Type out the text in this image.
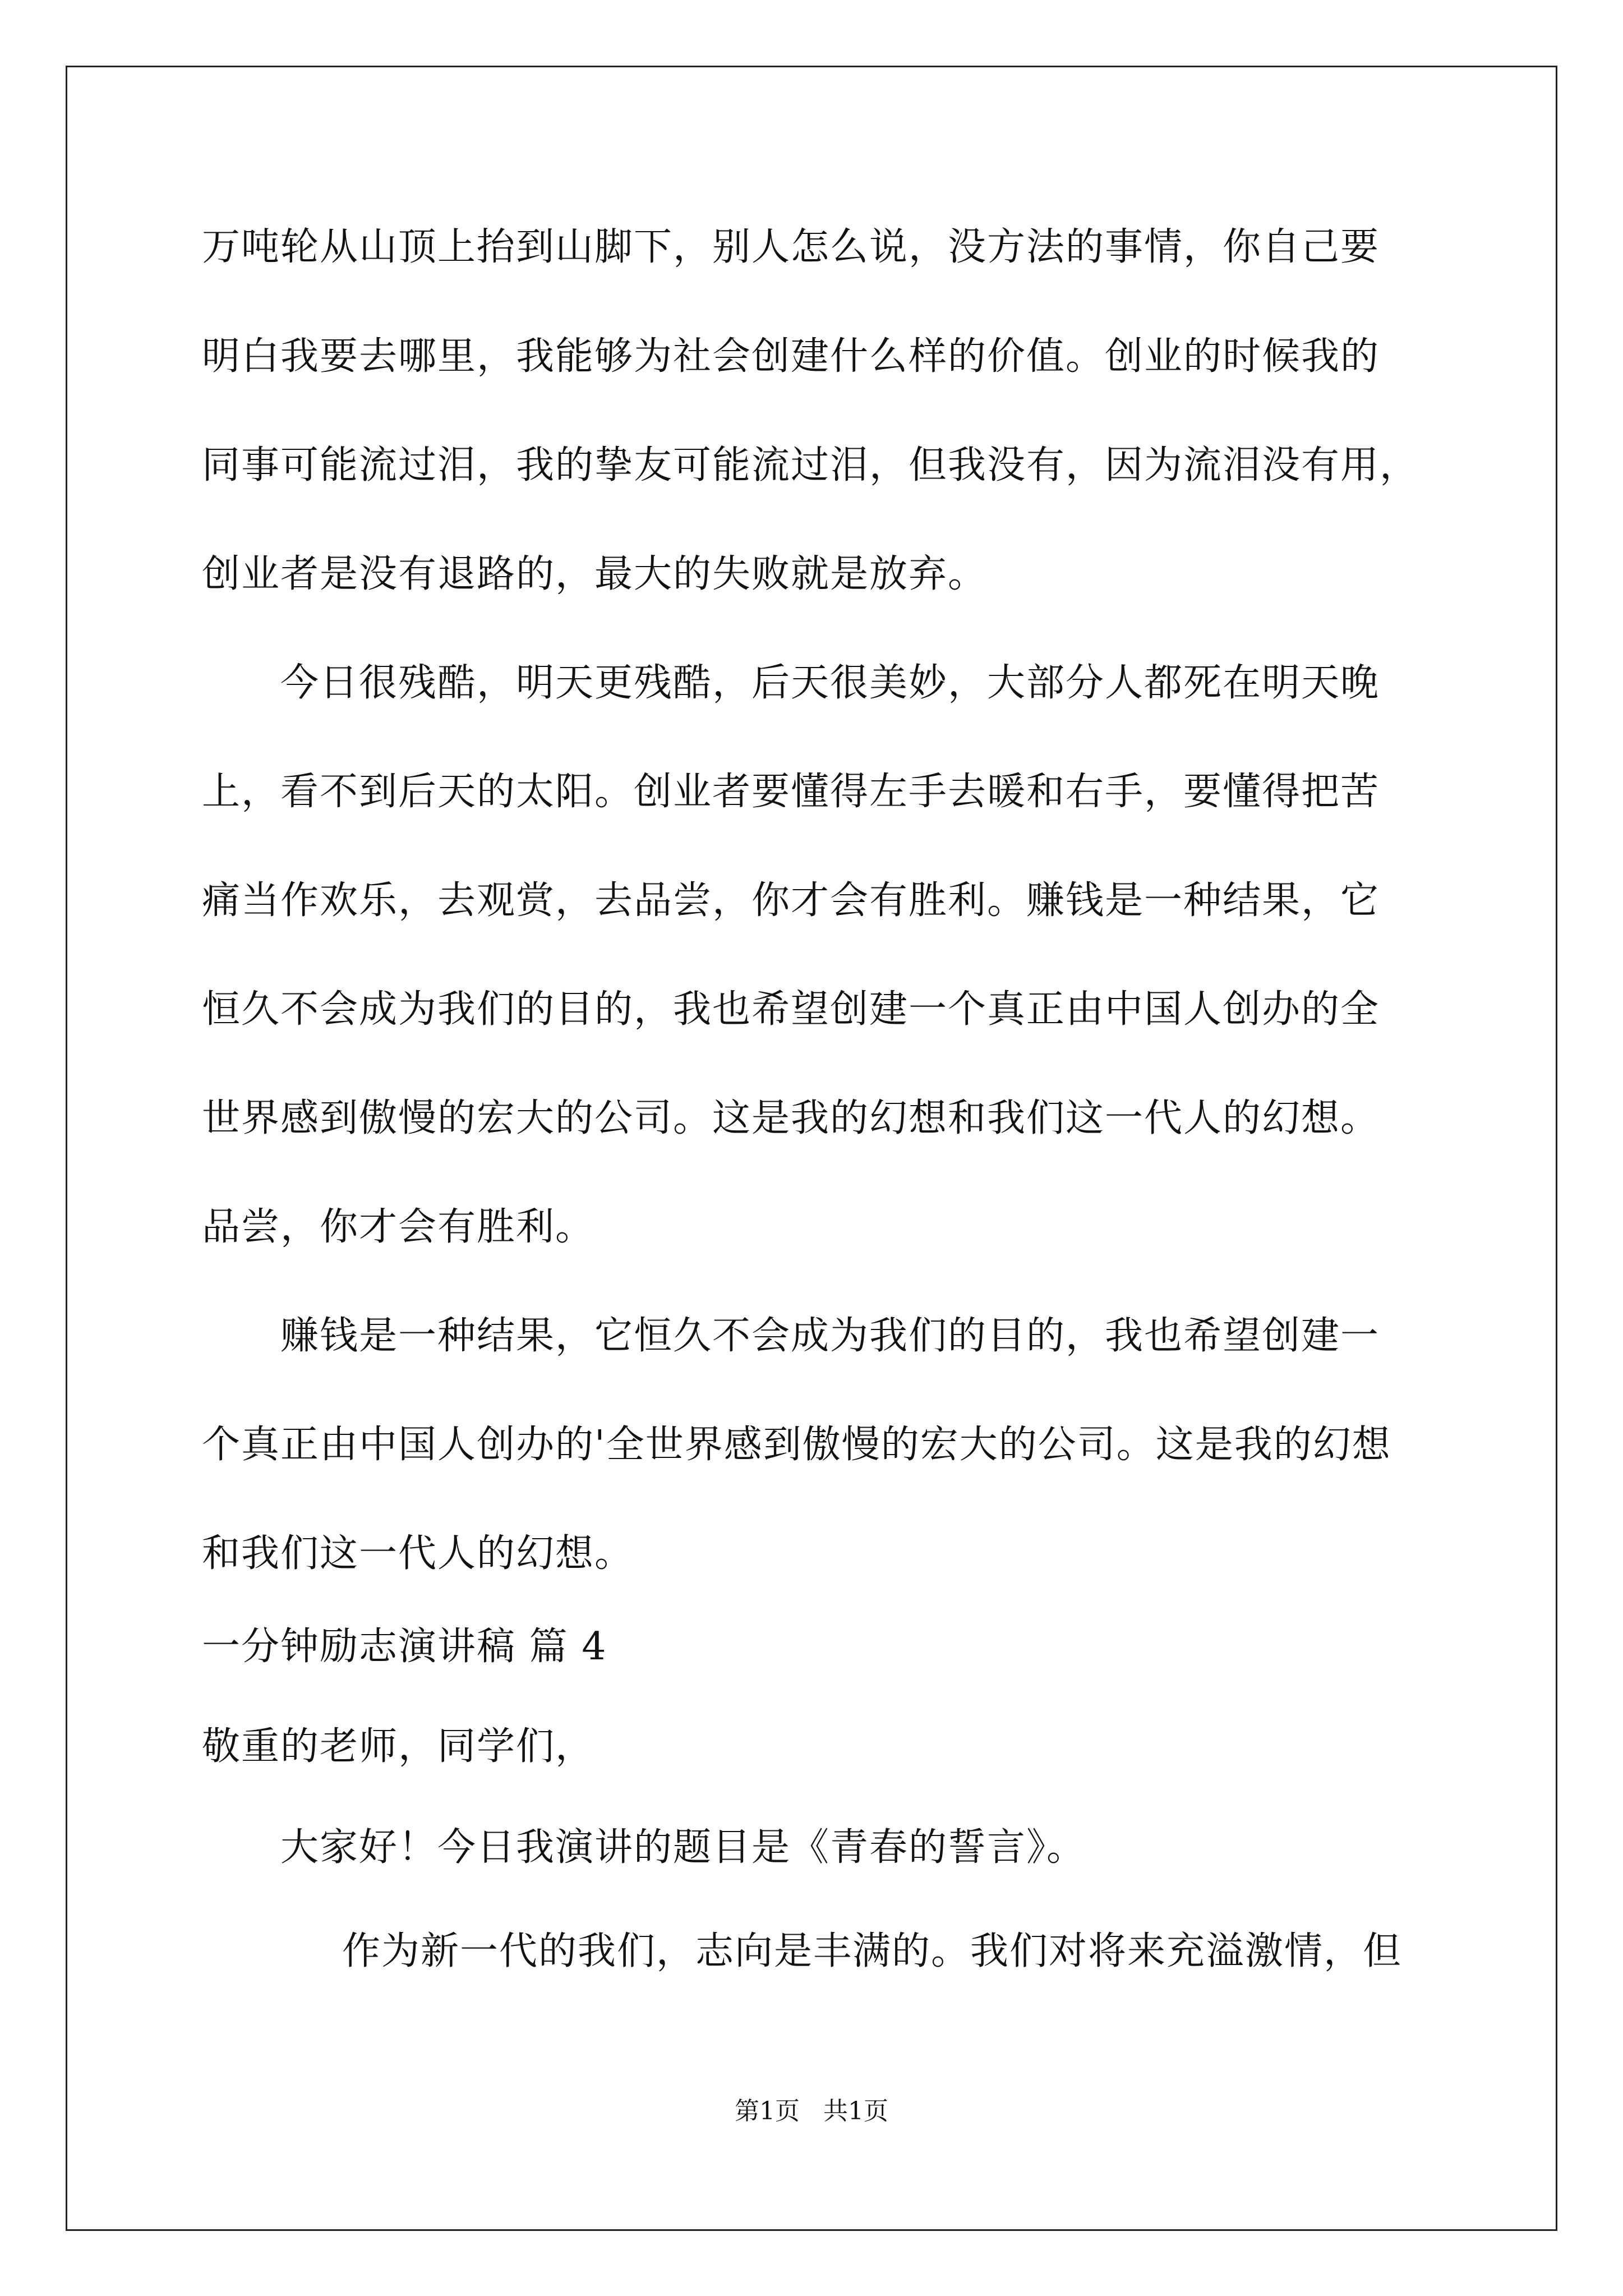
万吨轮从山顶上抬到山脚下，别人怎么说，没方法的事情，你自己要
明白我要去哪里，我能够为社会创建什么样的价值。创业的时候我的
同事可能流过泪，我的挚友可能流过泪，但我没有，因为流泪没有用，
创业者是没有退路的，最大的失败就是放弃。
今日很残酷，明天更残酷，后天很美妙，大部分人都死在明天晚
上，看不到后天的太阳。创业者要懂得左手去暖和右手，要懂得把苦
痛当作欢乐，去观赏，去品尝，你才会有胜利。赚钱是一种结果，它
恒久不会成为我们的目的，我也希望创建一个真正由中国人创办的全
世界感到傲慢的宏大的公司。这是我的幻想和我们这一代人的幻想。
品尝，你才会有胜利。
赚钱是一种结果，它恒久不会成为我们的目的，我也希望创建一
个真正由中国人创办的'全世界感到傲慢的宏大的公司。这是我的幻想
和我们这一代人的幻想。
一分钟励志演讲稿 篇 4
敬重的老师，同学们，
大家好！今日我演讲的题目是《青春的誓言》。
作为新一代的我们，志向是丰满的。我们对将来充溢激情，但
第1页   共1页
